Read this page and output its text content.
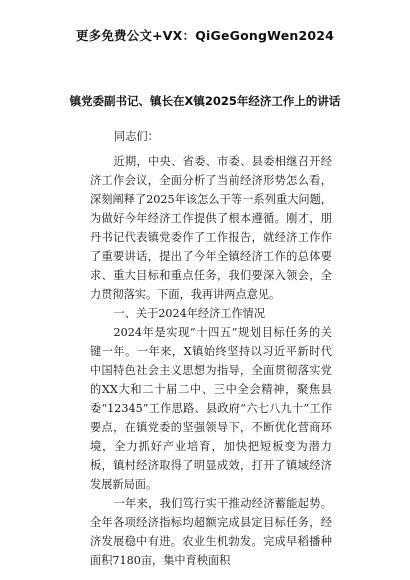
更多免费公文+VX：QiGeGongWen2024
镇党委副书记、镇长在X镇2025年经济工作上的讲话
同志们：

近期，中央、省委、市委、县委相继召开经济工作会议，全面分析了当前经济形势怎么看，深刻阐释了2025年该怎么干等一系列重大问题，为做好今年经济工作提供了根本遵循。刚才，朋丹书记代表镇党委作了工作报告，就经济工作作了重要讲话，提出了今年全镇经济工作的总体要求、重大目标和重点任务，我们要深入领会，全力贯彻落实。下面，我再讲两点意见。

一、关于2024年经济工作情况

2024年是实现“十四五”规划目标任务的关键一年。一年来，X镇始终坚持以习近平新时代中国特色社会主义思想为指导，全面贯彻落实党的XX大和二十届二中、三中全会精神，聚焦县委“12345”工作思路、县政府“六七八九十”工作要点，在镇党委的坚强领导下，不断优化营商环境，全力抓好产业培育，加快把短板变为潜力板，镇村经济取得了明显成效，打开了镇域经济发展新局面。

一年来，我们笃行实干推动经济蓄能起势。全年各项经济指标均超额完成县定目标任务，经济发展稳中有进。农业生机勃发。完成早稻播种面积7180亩，集中育秧面积
